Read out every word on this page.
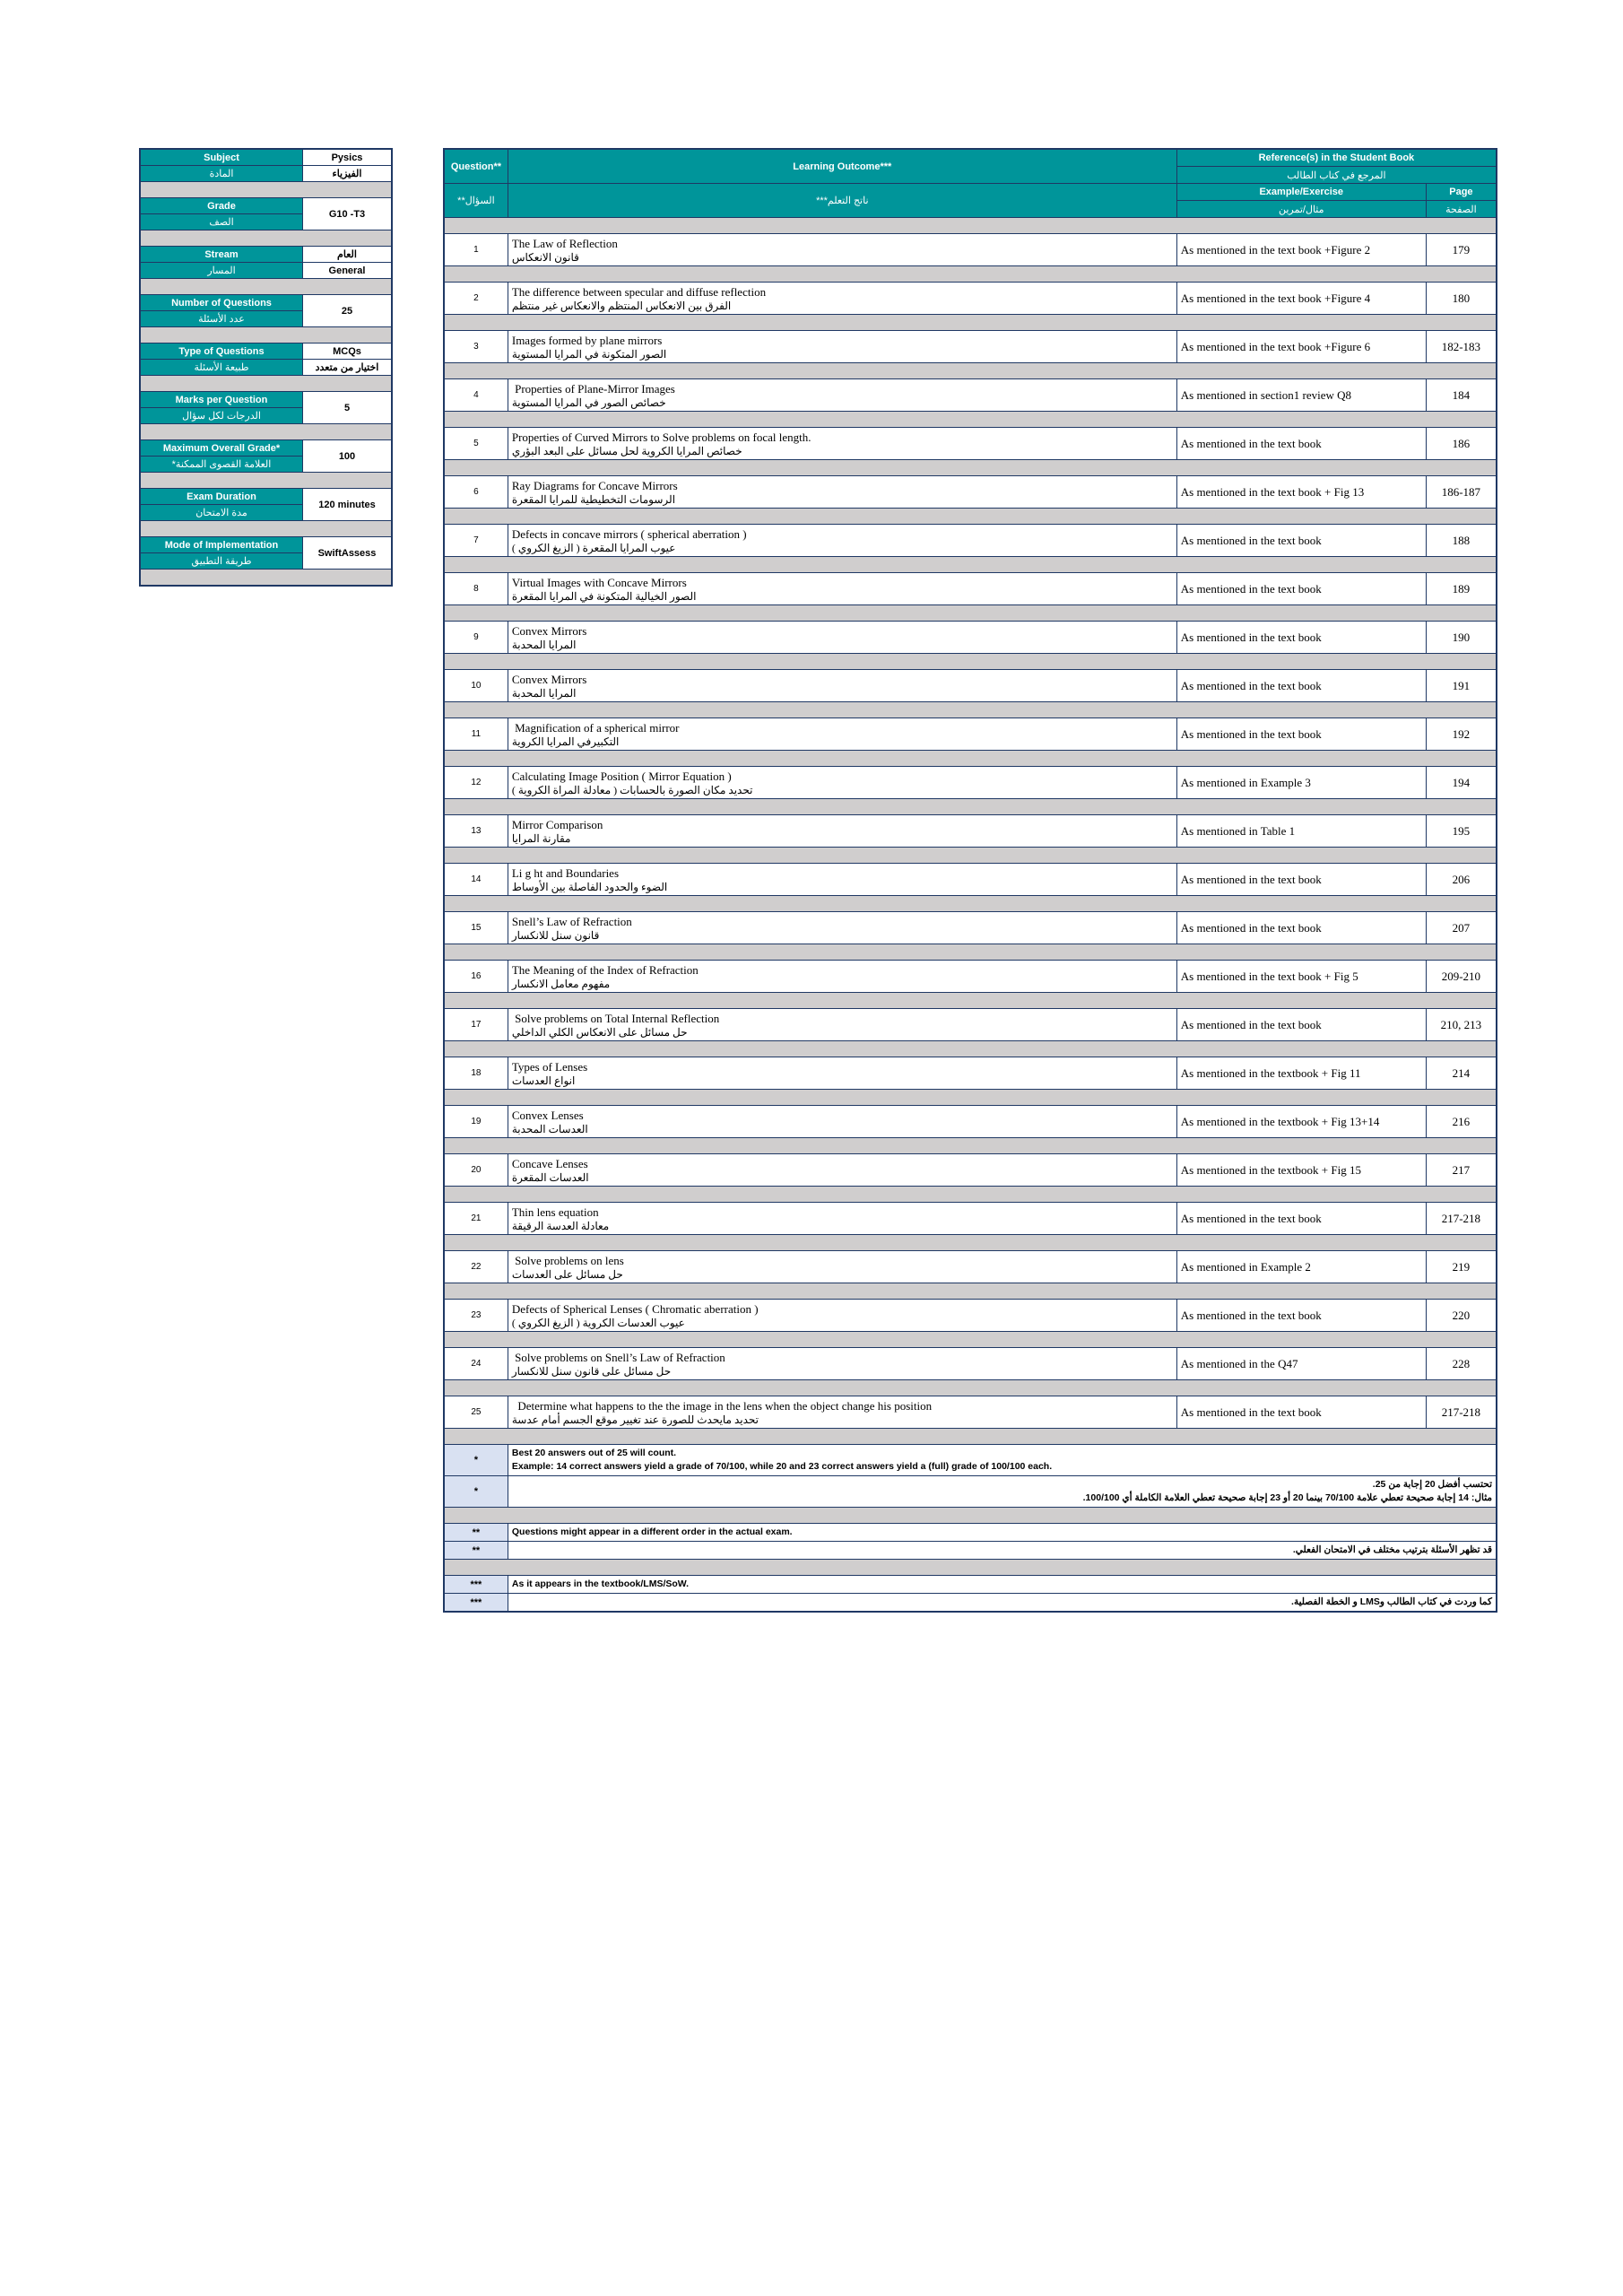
Subject	Pysics
المادة	الفيزياء

Grade	G10 -T3
الصف	

Stream	العام
المسار	General

Number of Questions	25
عدد الأسئلة	

Type of Questions	MCQs
طبيعة الأسئلة	اختيار من متعدد

Marks per Question	5
الدرجات لكل سؤال	

Maximum Overall Grade*	100
العلامة القصوى الممكنة*	

Exam Duration	120 minutes
مدة الامتحان	

Mode of Implementation	SwiftAssess
طريقة التطبيق	

Question**	Learning Outcome***	Reference(s) in the Student Book	
		المرجع في كتاب الطالب	
السؤال**	ناتج التعلم***	Example/Exercise	Page
		مثال/تمرين	الصفحة

1	The Law of Reflection
قانون الانعكاس	As mentioned in the text book +Figure 2	179

2	The difference between specular and diffuse reflection
الفرق بين الانعكاس المنتظم والانعكاس غير منتظم	As mentioned in the text book +Figure 4	180

3	Images formed by plane mirrors
الصور المتكونة في المرايا المستوية	As mentioned in the text book +Figure 6	182-183

4	Properties of Plane-Mirror Images
خصائص الصور في المرايا المستوية	As mentioned in section1 review Q8	184

5	Properties of Curved Mirrors to Solve problems on focal length.
خصائص المرايا الكروية لحل مسائل على البعد البؤري	As mentioned in the text book	186

6	Ray Diagrams for Concave Mirrors
الرسومات التخطيطية للمرايا المقعرة	As mentioned in the text book + Fig 13	186-187

7	Defects in concave mirrors ( spherical aberration )
عيوب المرايا المقعرة ( الزيغ الكروي )	As mentioned in the text book	188

8	Virtual Images with Concave Mirrors
الصور الخيالية المتكونة في المرايا المقعرة	As mentioned in the text book	189

9	Convex Mirrors
المرايا المحدبة	As mentioned in the text book	190

10	Convex Mirrors
المرايا المحدبة	As mentioned in the text book	191

11	Magnification of a spherical mirror
التكبيرفي المرايا الكروية	As mentioned in the text book	192

12	Calculating Image Position ( Mirror Equation )
تحديد مكان الصورة بالحسابات ( معادلة المراة الكروية )	As mentioned in Example 3	194

13	Mirror Comparison
مقارنة المرايا	As mentioned in Table 1	195

14	Li g ht and Boundaries
الضوء والحدود الفاصلة بين الأوساط	As mentioned in the text book	206

15	Snell’s Law of Refraction
قانون سنل للانكسار	As mentioned in the text book	207

16	The Meaning of the Index of Refraction
مفهوم معامل الانكسار	As mentioned in the text book + Fig 5	209-210

17	Solve problems on Total Internal Reflection
حل مسائل على الانعكاس الكلي الداخلي	As mentioned in the text book	210, 213

18	Types of Lenses
انواع العدسات	As mentioned in the textbook + Fig 11	214

19	Convex Lenses
العدسات المحدبة	As mentioned in the textbook + Fig 13+14	216

20	Concave Lenses
العدسات المقعرة	As mentioned in the textbook + Fig 15	217

21	Thin lens equation
معادلة العدسة الرقيقة	As mentioned in the text book	217-218

22	Solve problems on lens
حل مسائل على العدسات	As mentioned in Example 2	219

23	Defects of Spherical Lenses ( Chromatic aberration )
عيوب العدسات الكروية ( الزيغ الكروي )	As mentioned in the text book	220

24	Solve problems on Snell’s Law of Refraction
حل مسائل على قانون سنل للانكسار	As mentioned in the Q47	228

25	Determine what happens to the the image in the lens when the object change his position
تحديد مايحدث للصورة عند تغيير موقع الجسم أمام عدسة	As mentioned in the text book	217-218

*	Best 20 answers out of 25 will count.
Example: 14 correct answers yield a grade of 70/100, while 20 and 23 correct answers yield a (full) grade of 100/100 each.		

*	تحتسب أفضل 20 إجابة من 25.
مثال: 14 إجابة صحيحة تعطي علامة 70/100 بينما 20 أو 23 إجابة صحيحة تعطي العلامة الكاملة أي 100/100.		

**	Questions might appear in a different order in the actual exam.		

**	قد تظهر الأسئلة بترتيب مختلف في الامتحان الفعلي.		

***	As it appears in the textbook/LMS/SoW.		

***	كما وردت في كتاب الطالب وLMS و الخطة الفصلية.		
